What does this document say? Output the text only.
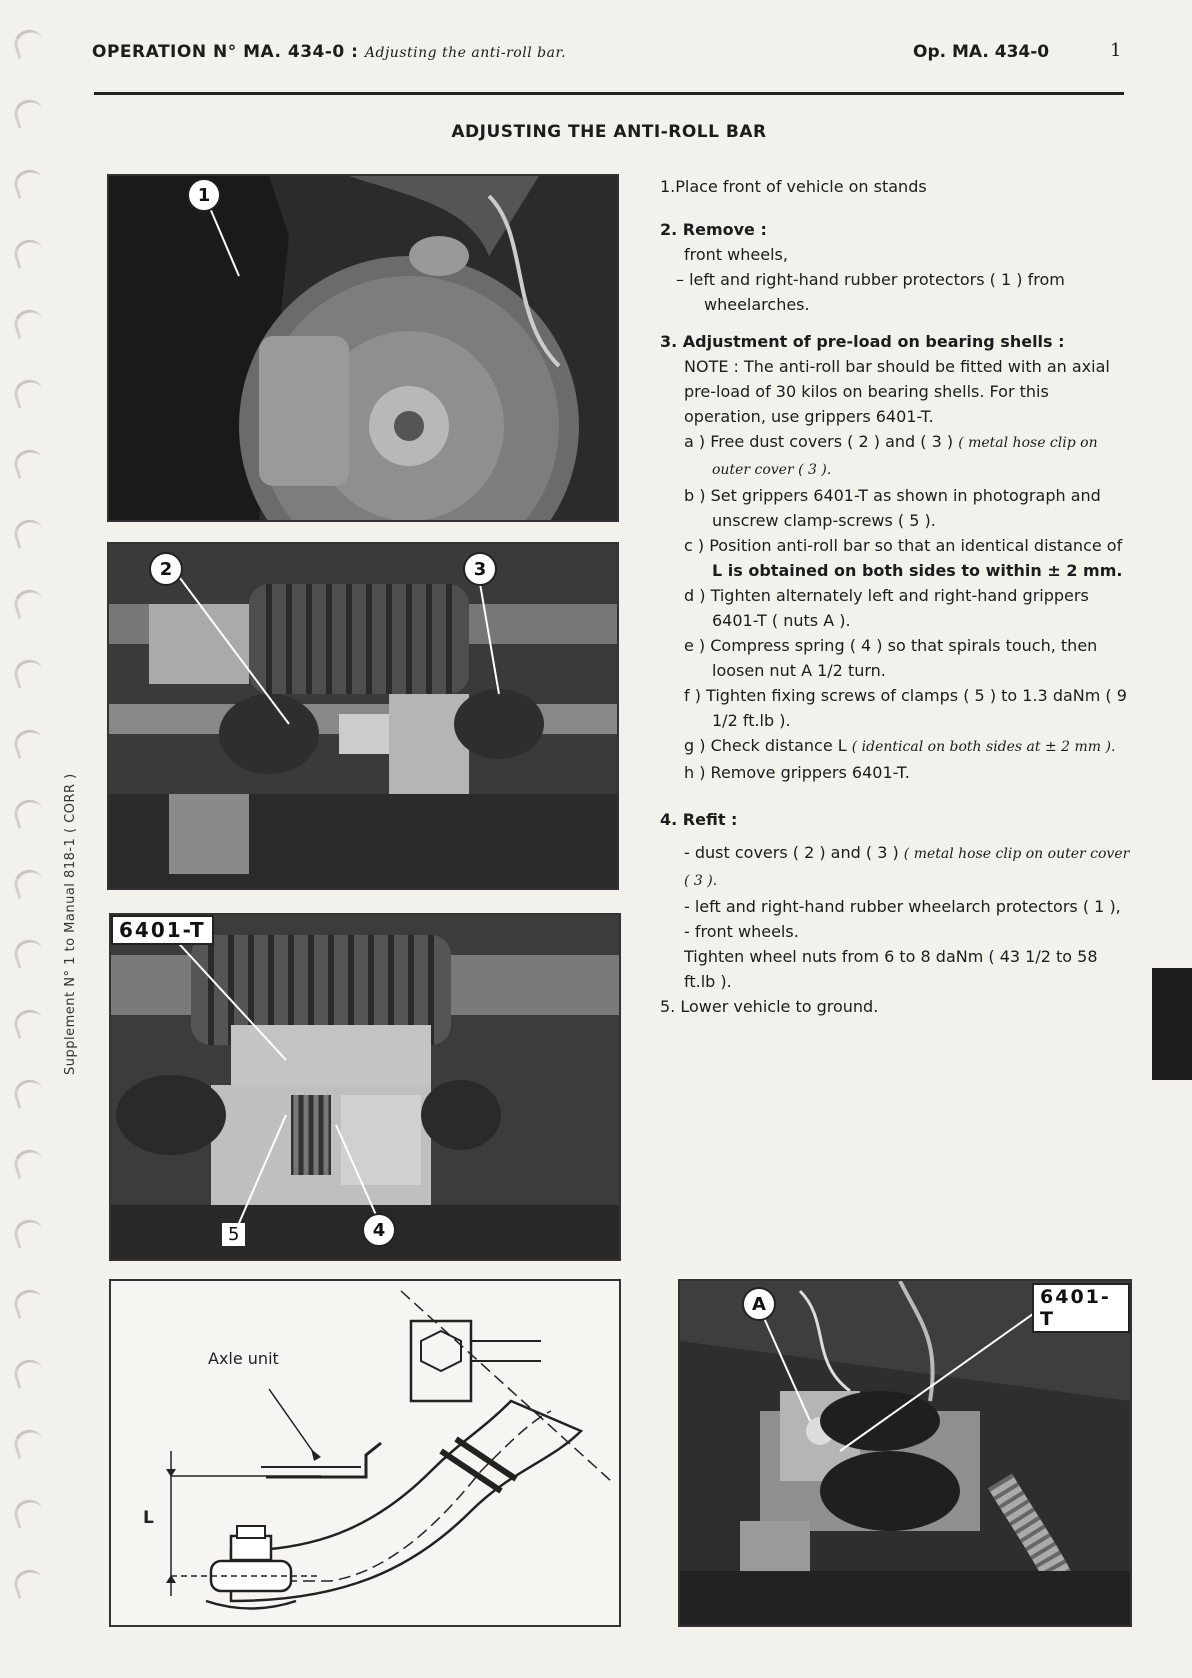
OPERATION N° MA. 434-0 : Adjusting the anti-roll bar.	Op. MA. 434-0	1
ADJUSTING THE ANTI-ROLL BAR
Supplement N° 1 to Manual 818-1 ( CORR )
1
2	3
6401-T
5	4
Axle unit
L
A	6401-T

1.Place front of vehicle on stands

2. Remove :

front wheels,

– left and right-hand rubber protectors ( 1 ) from wheelarches.

3. Adjustment of pre-load on bearing shells :

NOTE : The anti-roll bar should be fitted with an axial pre-load of 30 kilos on bearing shells. For this operation, use grippers 6401-T.

a ) Free dust covers ( 2 ) and ( 3 ) ( metal hose clip on outer cover ( 3 ).

b ) Set grippers 6401-T as shown in photograph and unscrew clamp-screws ( 5 ).

c ) Position anti-roll bar so that an identical distance of L is obtained on both sides to within ± 2 mm.

d ) Tighten alternately left and right-hand grippers 6401-T ( nuts A ).

e ) Compress spring ( 4 ) so that spirals touch, then loosen nut A 1/2 turn.

f ) Tighten fixing screws of clamps ( 5 ) to 1.3 daNm ( 9 1/2 ft.lb ).

g ) Check distance L ( identical on both sides at ± 2 mm ).

h ) Remove grippers 6401-T.

4. Refit :

- dust covers ( 2 ) and ( 3 ) ( metal hose clip on outer cover ( 3 ).

- left and right-hand rubber wheelarch protectors ( 1 ),

- front wheels.

Tighten wheel nuts from 6 to 8 daNm ( 43 1/2 to 58 ft.lb ).

5. Lower vehicle to ground.
